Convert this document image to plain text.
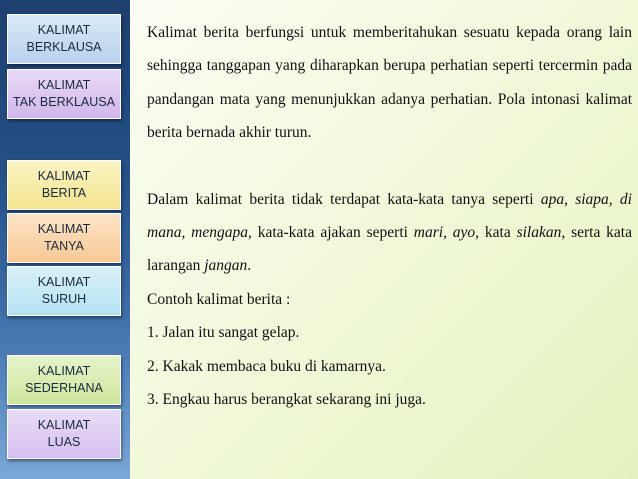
KALIMAT
BERKLAUSA
KALIMAT
TAK BERKLAUSA
KALIMAT
BERITA
KALIMAT
TANYA
KALIMAT
SURUH
KALIMAT
SEDERHANA
KALIMAT
LUAS

Kalimat berita berfungsi untuk memberitahukan sesuatu kepada orang lain sehingga tanggapan yang diharapkan berupa perhatian seperti tercermin pada pandangan mata yang menunjukkan adanya perhatian. Pola intonasi kalimat berita bernada akhir turun.

Dalam kalimat berita tidak terdapat kata-kata tanya seperti apa, siapa, di mana, mengapa, kata-kata ajakan seperti mari, ayo, kata silakan, serta kata larangan jangan.

Contoh kalimat berita :

1. Jalan itu sangat gelap.

2. Kakak membaca buku di kamarnya.

3. Engkau harus berangkat sekarang ini juga.
